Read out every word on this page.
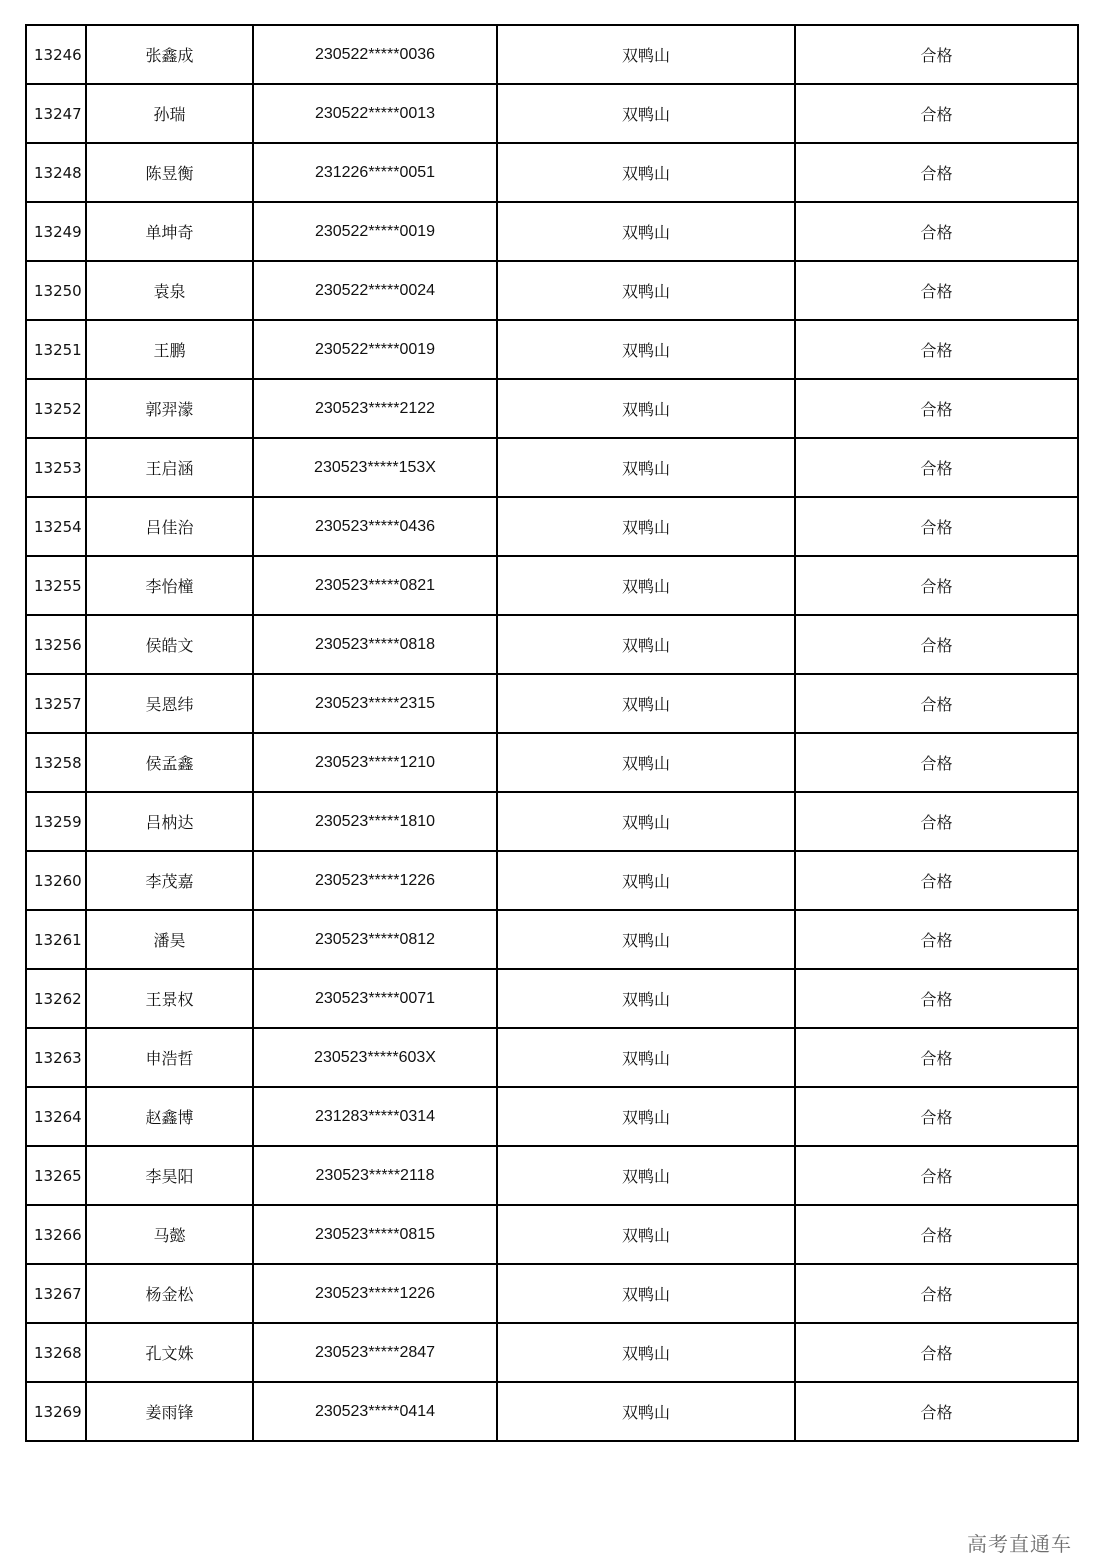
13246	张鑫成	230522*****0036	双鸭山	合格
13247	孙瑞	230522*****0013	双鸭山	合格
13248	陈昱衡	231226*****0051	双鸭山	合格
13249	单坤奇	230522*****0019	双鸭山	合格
13250	袁泉	230522*****0024	双鸭山	合格
13251	王鹏	230522*****0019	双鸭山	合格
13252	郭羿濛	230523*****2122	双鸭山	合格
13253	王启涵	230523*****153X	双鸭山	合格
13254	吕佳治	230523*****0436	双鸭山	合格
13255	李怡橦	230523*****0821	双鸭山	合格
13256	侯皓文	230523*****0818	双鸭山	合格
13257	吴恩纬	230523*****2315	双鸭山	合格
13258	侯孟鑫	230523*****1210	双鸭山	合格
13259	吕枘达	230523*****1810	双鸭山	合格
13260	李茂嘉	230523*****1226	双鸭山	合格
13261	潘昊	230523*****0812	双鸭山	合格
13262	王景权	230523*****0071	双鸭山	合格
13263	申浩哲	230523*****603X	双鸭山	合格
13264	赵鑫博	231283*****0314	双鸭山	合格
13265	李昊阳	230523*****2118	双鸭山	合格
13266	马懿	230523*****0815	双鸭山	合格
13267	杨金松	230523*****1226	双鸭山	合格
13268	孔文姝	230523*****2847	双鸭山	合格
13269	姜雨锋	230523*****0414	双鸭山	合格
高考直通车
